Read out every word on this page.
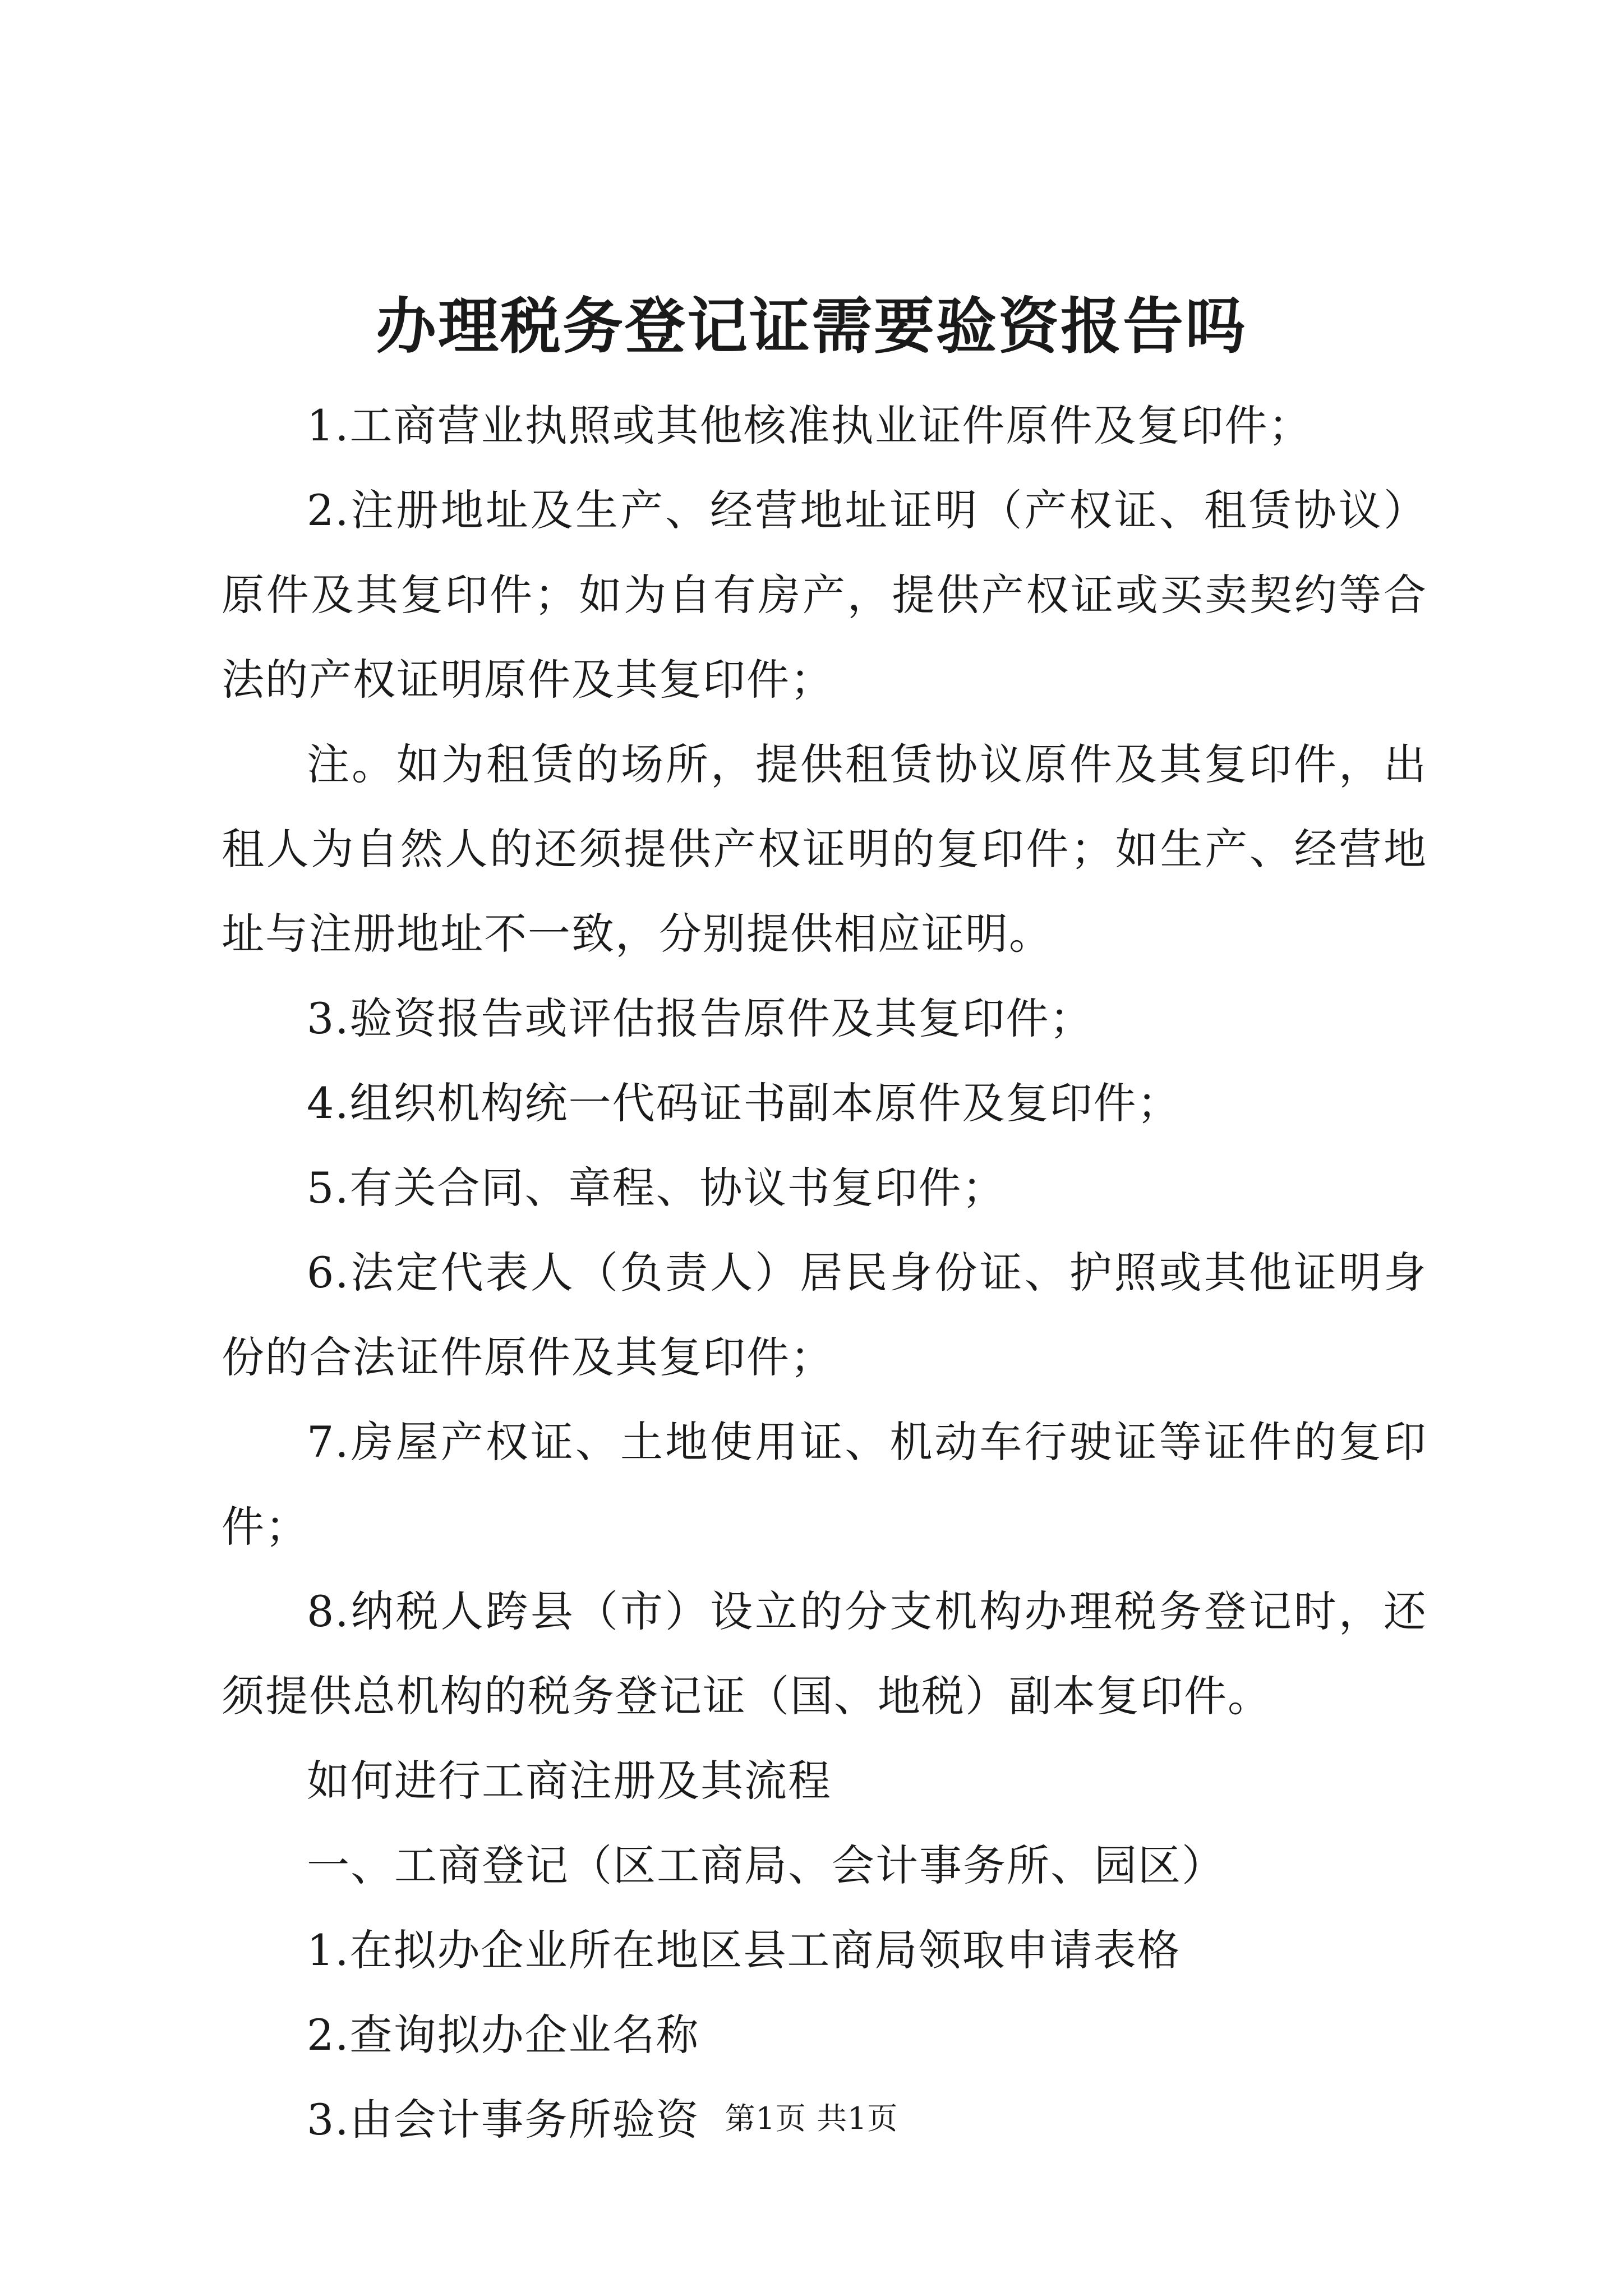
办理税务登记证需要验资报告吗

1.工商营业执照或其他核准执业证件原件及复印件；

2.注册地址及生产、经营地址证明（产权证、租赁协议）原件及其复印件；如为自有房产，提供产权证或买卖契约等合法的产权证明原件及其复印件；

注。如为租赁的场所，提供租赁协议原件及其复印件，出租人为自然人的还须提供产权证明的复印件；如生产、经营地址与注册地址不一致，分别提供相应证明。

3.验资报告或评估报告原件及其复印件；

4.组织机构统一代码证书副本原件及复印件；

5.有关合同、章程、协议书复印件；

6.法定代表人（负责人）居民身份证、护照或其他证明身份的合法证件原件及其复印件；

7.房屋产权证、土地使用证、机动车行驶证等证件的复印件；

8.纳税人跨县（市）设立的分支机构办理税务登记时，还须提供总机构的税务登记证（国、地税）副本复印件。

如何进行工商注册及其流程

一、工商登记（区工商局、会计事务所、园区）

1.在拟办企业所在地区县工商局领取申请表格

2.查询拟办企业名称

3.由会计事务所验资 第1页 共1页
